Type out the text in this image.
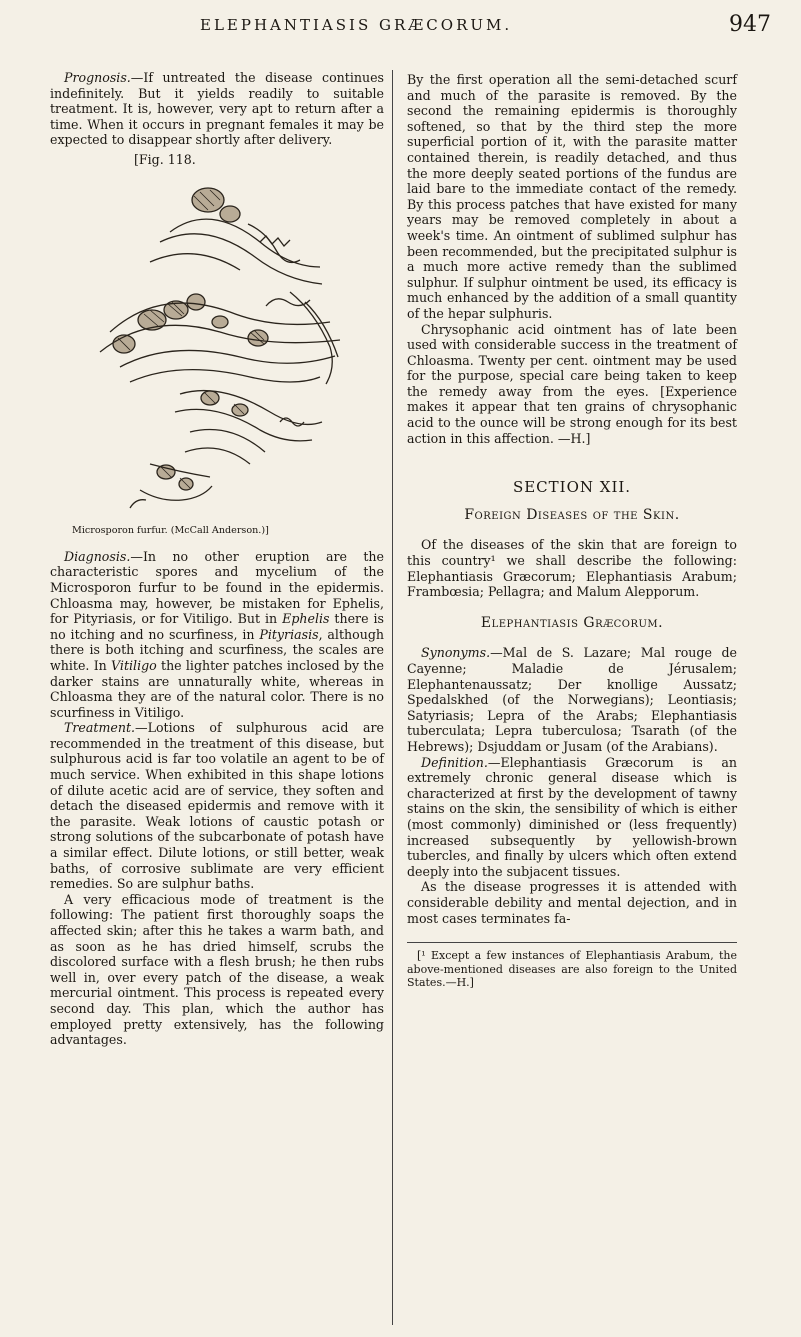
ELEPHANTIASIS GRÆCORUM.	947

Prognosis.—If untreated the disease continues indefinitely. But it yields readily to suitable treatment. It is, however, very apt to return after a time. When it occurs in pregnant females it may be expected to disappear shortly after delivery.

[Fig. 118.
Microsporon furfur. (McCall Anderson.)]

Diagnosis.—In no other eruption are the characteristic spores and mycelium of the Microsporon furfur to be found in the epidermis. Chloasma may, however, be mistaken for Ephelis, for Pityriasis, or for Vitiligo. But in Ephelis there is no itching and no scurfiness, in Pityriasis, although there is both itching and scurfiness, the scales are white. In Vitiligo the lighter patches inclosed by the darker stains are unnaturally white, whereas in Chloasma they are of the natural color. There is no scurfiness in Vitiligo.

Treatment.—Lotions of sulphurous acid are recommended in the treatment of this disease, but sulphurous acid is far too volatile an agent to be of much service. When exhibited in this shape lotions of dilute acetic acid are of service, they soften and detach the diseased epidermis and remove with it the parasite. Weak lotions of caustic potash or strong solutions of the subcarbonate of potash have a similar effect. Dilute lotions, or still better, weak baths, of corrosive sublimate are very efficient remedies. So are sulphur baths.

A very efficacious mode of treatment is the following: The patient first thoroughly soaps the affected skin; after this he takes a warm bath, and as soon as he has dried himself, scrubs the discolored surface with a flesh brush; he then rubs well in, over every patch of the disease, a weak mercurial ointment. This process is repeated every second day. This plan, which the author has employed pretty extensively, has the following advantages.

By the first operation all the semi-detached scurf and much of the parasite is removed. By the second the remaining epidermis is thoroughly softened, so that by the third step the more superficial portion of it, with the parasite matter contained therein, is readily detached, and thus the more deeply seated portions of the fundus are laid bare to the immediate contact of the remedy. By this process patches that have existed for many years may be removed completely in about a week's time. An ointment of sublimed sulphur has been recommended, but the precipitated sulphur is a much more active remedy than the sublimed sulphur. If sulphur ointment be used, its efficacy is much enhanced by the addition of a small quantity of the hepar sulphuris.

Chrysophanic acid ointment has of late been used with considerable success in the treatment of Chloasma. Twenty per cent. ointment may be used for the purpose, special care being taken to keep the remedy away from the eyes. [Experience makes it appear that ten grains of chrysophanic acid to the ounce will be strong enough for its best action in this affection. —H.]

SECTION XII.
Foreign Diseases of the Skin.

Of the diseases of the skin that are foreign to this country¹ we shall describe the following: Elephantiasis Græcorum; Elephantiasis Arabum; Frambœsia; Pellagra; and Malum Alepporum.

Elephantiasis Græcorum.

Synonyms.—Mal de S. Lazare; Mal rouge de Cayenne; Maladie de Jérusalem; Elephantenaussatz; Der knollige Aussatz; Spedalskhed (of the Norwegians); Leontiasis; Satyriasis; Lepra of the Arabs; Elephantiasis tuberculata; Lepra tuberculosa; Tsarath (of the Hebrews); Dsjuddam or Jusam (of the Arabians).

Definition.—Elephantiasis Græcorum is an extremely chronic general disease which is characterized at first by the development of tawny stains on the skin, the sensibility of which is either (most commonly) diminished or (less frequently) increased subsequently by yellowish-brown tubercles, and finally by ulcers which often extend deeply into the subjacent tissues.

As the disease progresses it is attended with considerable debility and mental dejection, and in most cases terminates fa-

[¹ Except a few instances of Elephantiasis Arabum, the above-mentioned diseases are also foreign to the United States.—H.]
